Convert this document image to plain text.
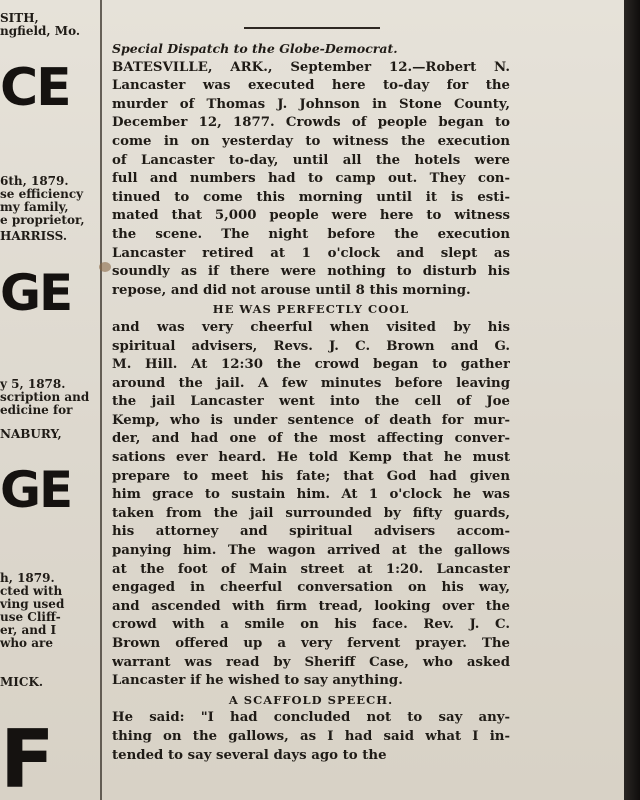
SITH,
ngfield, Mo.
6th, 1879.
se efficiency
my family,
e proprietor,
HARRISS.
y 5, 1878.
scription and
edicine for
NABURY,
h, 1879.
cted with
ving used
use Cliff-
er, and I
who are
MICK.
CE
GE
GE
F
Special Dispatch to the Globe-Democrat.
BATESVILLE, ARK., September 12.—Robert N.
Lancaster was executed here to-day for the
murder of Thomas J. Johnson in Stone County,
December 12, 1877. Crowds of people began to
come in on yesterday to witness the execution
of Lancaster to-day, until all the hotels were
full and numbers had to camp out. They con-
tinued to come this morning until it is esti-
mated that 5,000 people were here to witness
the scene. The night before the execution
Lancaster retired at 1 o'clock and slept as
soundly as if there were nothing to disturb his
repose, and did not arouse until 8 this morning.
HE WAS PERFECTLY COOL
and was very cheerful when visited by his
spiritual advisers, Revs. J. C. Brown and G.
M. Hill. At 12:30 the crowd began to gather
around the jail. A few minutes before leaving
the jail Lancaster went into the cell of Joe
Kemp, who is under sentence of death for mur-
der, and had one of the most affecting conver-
sations ever heard. He told Kemp that he must
prepare to meet his fate; that God had given
him grace to sustain him. At 1 o'clock he was
taken from the jail surrounded by fifty guards,
his attorney and spiritual advisers accom-
panying him. The wagon arrived at the gallows
at the foot of Main street at 1:20. Lancaster
engaged in cheerful conversation on his way,
and ascended with firm tread, looking over the
crowd with a smile on his face. Rev. J. C.
Brown offered up a very fervent prayer. The
warrant was read by Sheriff Case, who asked
Lancaster if he wished to say anything.
A SCAFFOLD SPEECH.
He said: "I had concluded not to say any-
thing on the gallows, as I had said what I in-
tended to say several days ago to the
